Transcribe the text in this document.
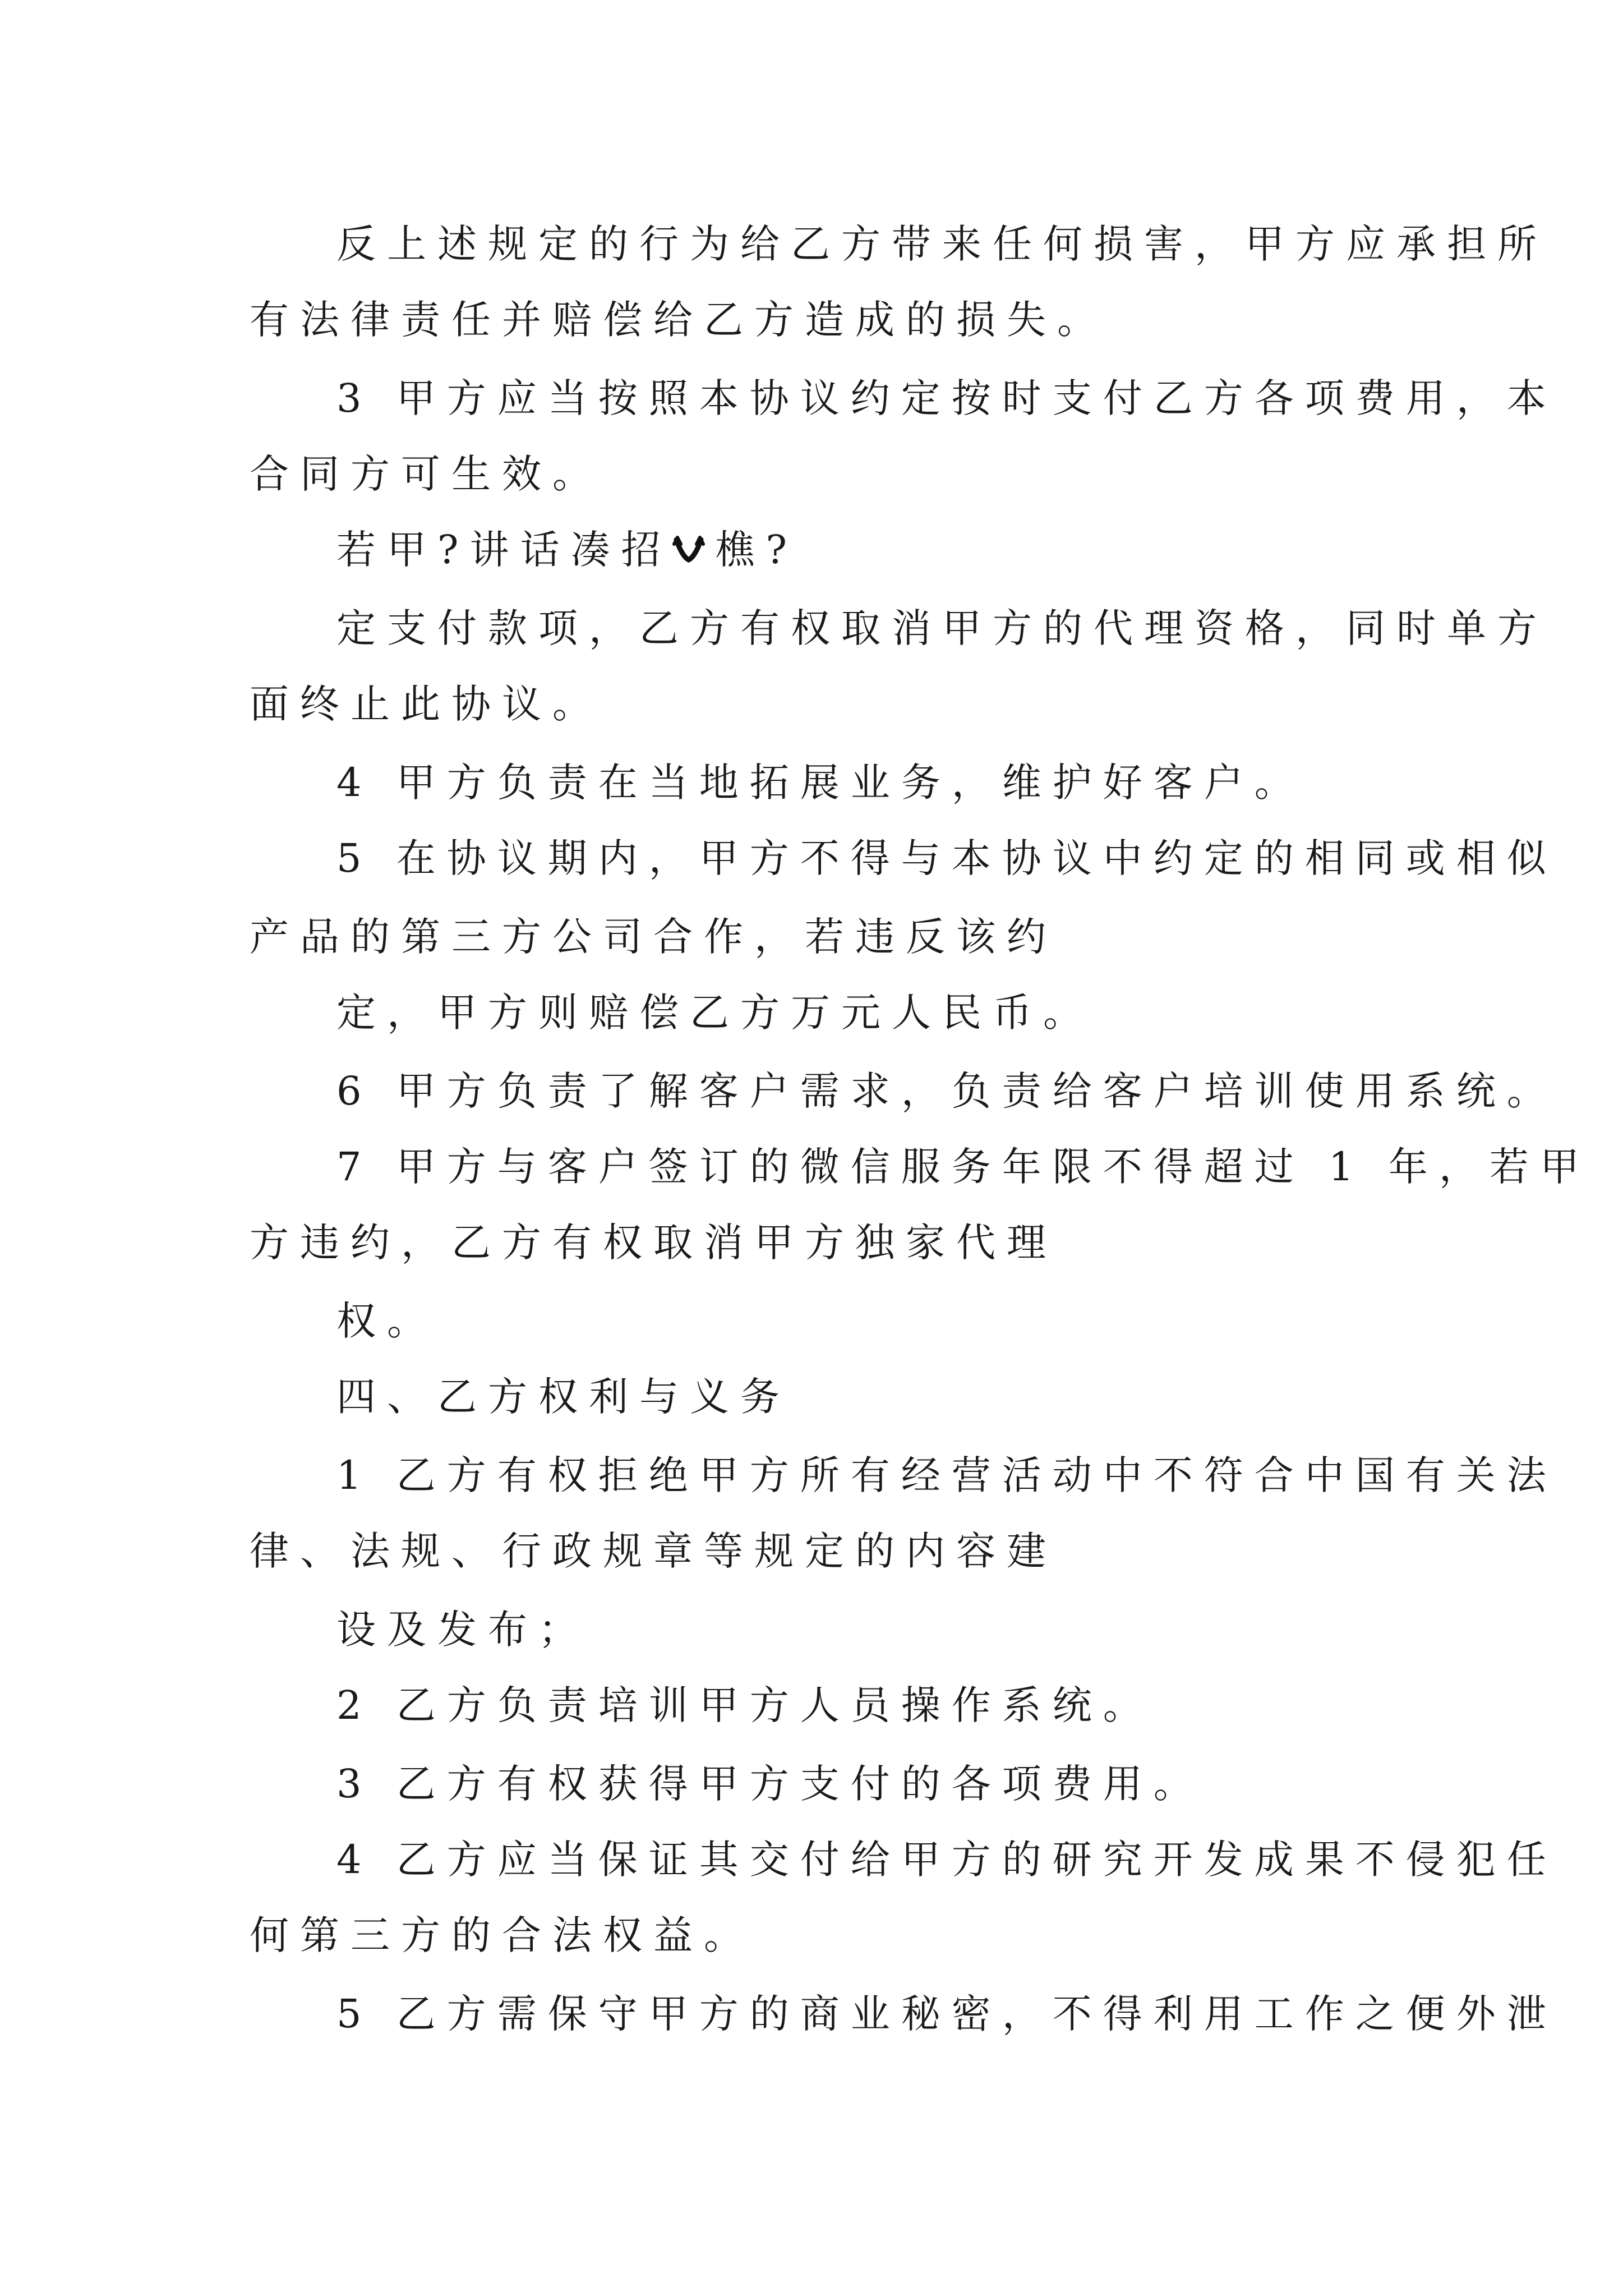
反上述规定的行为给乙方带来任何损害，甲方应承担所
有法律责任并赔偿给乙方造成的损失。
3 甲方应当按照本协议约定按时支付乙方各项费用，本
合同方可生效。
若甲?讲话凑招 樵?
定支付款项，乙方有权取消甲方的代理资格，同时单方
面终止此协议。
4 甲方负责在当地拓展业务，维护好客户。
5 在协议期内，甲方不得与本协议中约定的相同或相似
产品的第三方公司合作，若违反该约
定，甲方则赔偿乙方万元人民币。
6 甲方负责了解客户需求，负责给客户培训使用系统。
7 甲方与客户签订的微信服务年限不得超过 1 年，若甲
方违约，乙方有权取消甲方独家代理
权。
四、乙方权利与义务
1 乙方有权拒绝甲方所有经营活动中不符合中国有关法
律、法规、行政规章等规定的内容建
设及发布；
2 乙方负责培训甲方人员操作系统。
3 乙方有权获得甲方支付的各项费用。
4 乙方应当保证其交付给甲方的研究开发成果不侵犯任
何第三方的合法权益。
5 乙方需保守甲方的商业秘密，不得利用工作之便外泄
